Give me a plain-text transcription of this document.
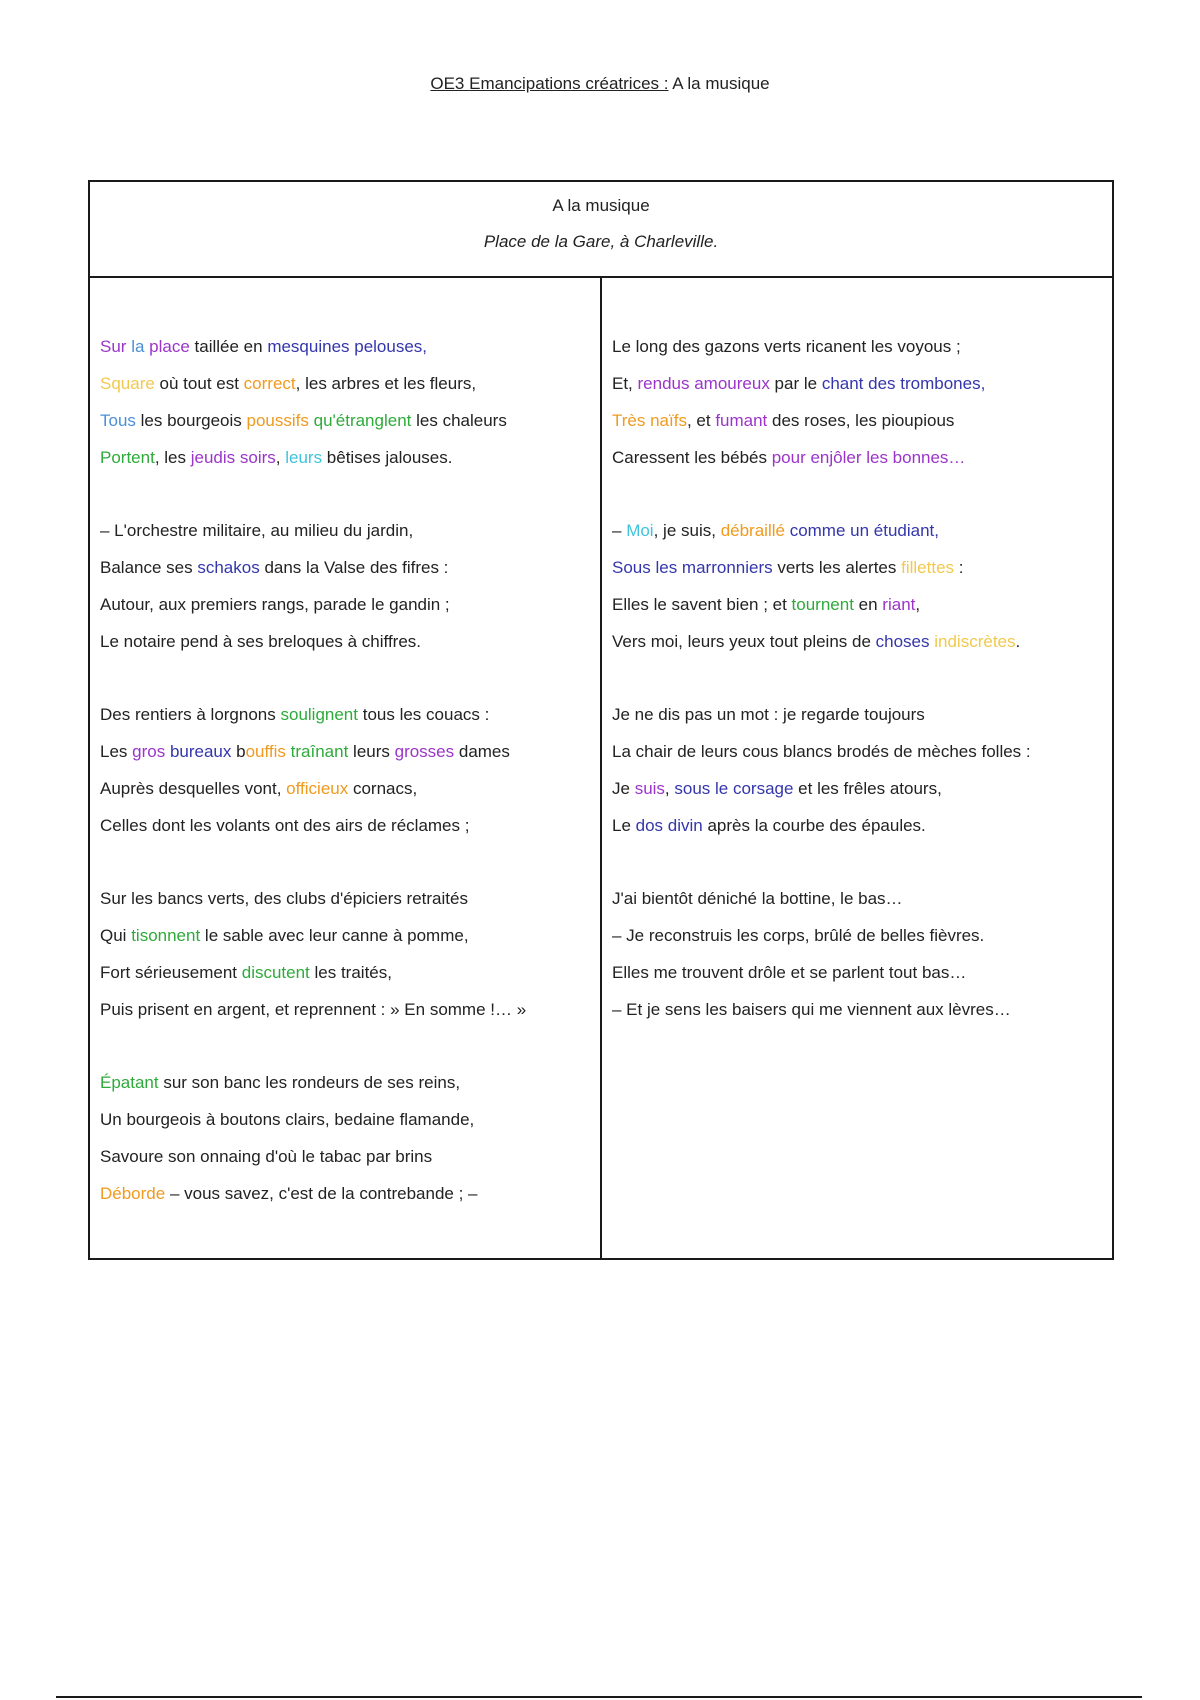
OE3 Emancipations créatrices : A la musique
A la musique
Place de la Gare, à Charleville.
Sur la place taillée en mesquines pelouses,
Square où tout est correct, les arbres et les fleurs,
Tous les bourgeois poussifs qu'étranglent les chaleurs
Portent, les jeudis soirs, leurs bêtises jalouses.
– L'orchestre militaire, au milieu du jardin,
Balance ses schakos dans la Valse des fifres :
Autour, aux premiers rangs, parade le gandin ;
Le notaire pend à ses breloques à chiffres.
Des rentiers à lorgnons soulignent tous les couacs :
Les gros bureaux bouffis traînant leurs grosses dames
Auprès desquelles vont, officieux cornacs,
Celles dont les volants ont des airs de réclames ;
Sur les bancs verts, des clubs d'épiciers retraités
Qui tisonnent le sable avec leur canne à pomme,
Fort sérieusement discutent les traités,
Puis prisent en argent, et reprennent : » En somme !… »
Épatant sur son banc les rondeurs de ses reins,
Un bourgeois à boutons clairs, bedaine flamande,
Savoure son onnaing d'où le tabac par brins
Déborde – vous savez, c'est de la contrebande ; –
Le long des gazons verts ricanent les voyous ;
Et, rendus amoureux par le chant des trombones,
Très naïfs, et fumant des roses, les pioupious
Caressent les bébés pour enjôler les bonnes…
– Moi, je suis, débraillé comme un étudiant,
Sous les marronniers verts les alertes fillettes :
Elles le savent bien ; et tournent en riant,
Vers moi, leurs yeux tout pleins de choses indiscrètes.
Je ne dis pas un mot : je regarde toujours
La chair de leurs cous blancs brodés de mèches folles :
Je suis, sous le corsage et les frêles atours,
Le dos divin après la courbe des épaules.
J'ai bientôt déniché la bottine, le bas…
– Je reconstruis les corps, brûlé de belles fièvres.
Elles me trouvent drôle et se parlent tout bas…
– Et je sens les baisers qui me viennent aux lèvres…
